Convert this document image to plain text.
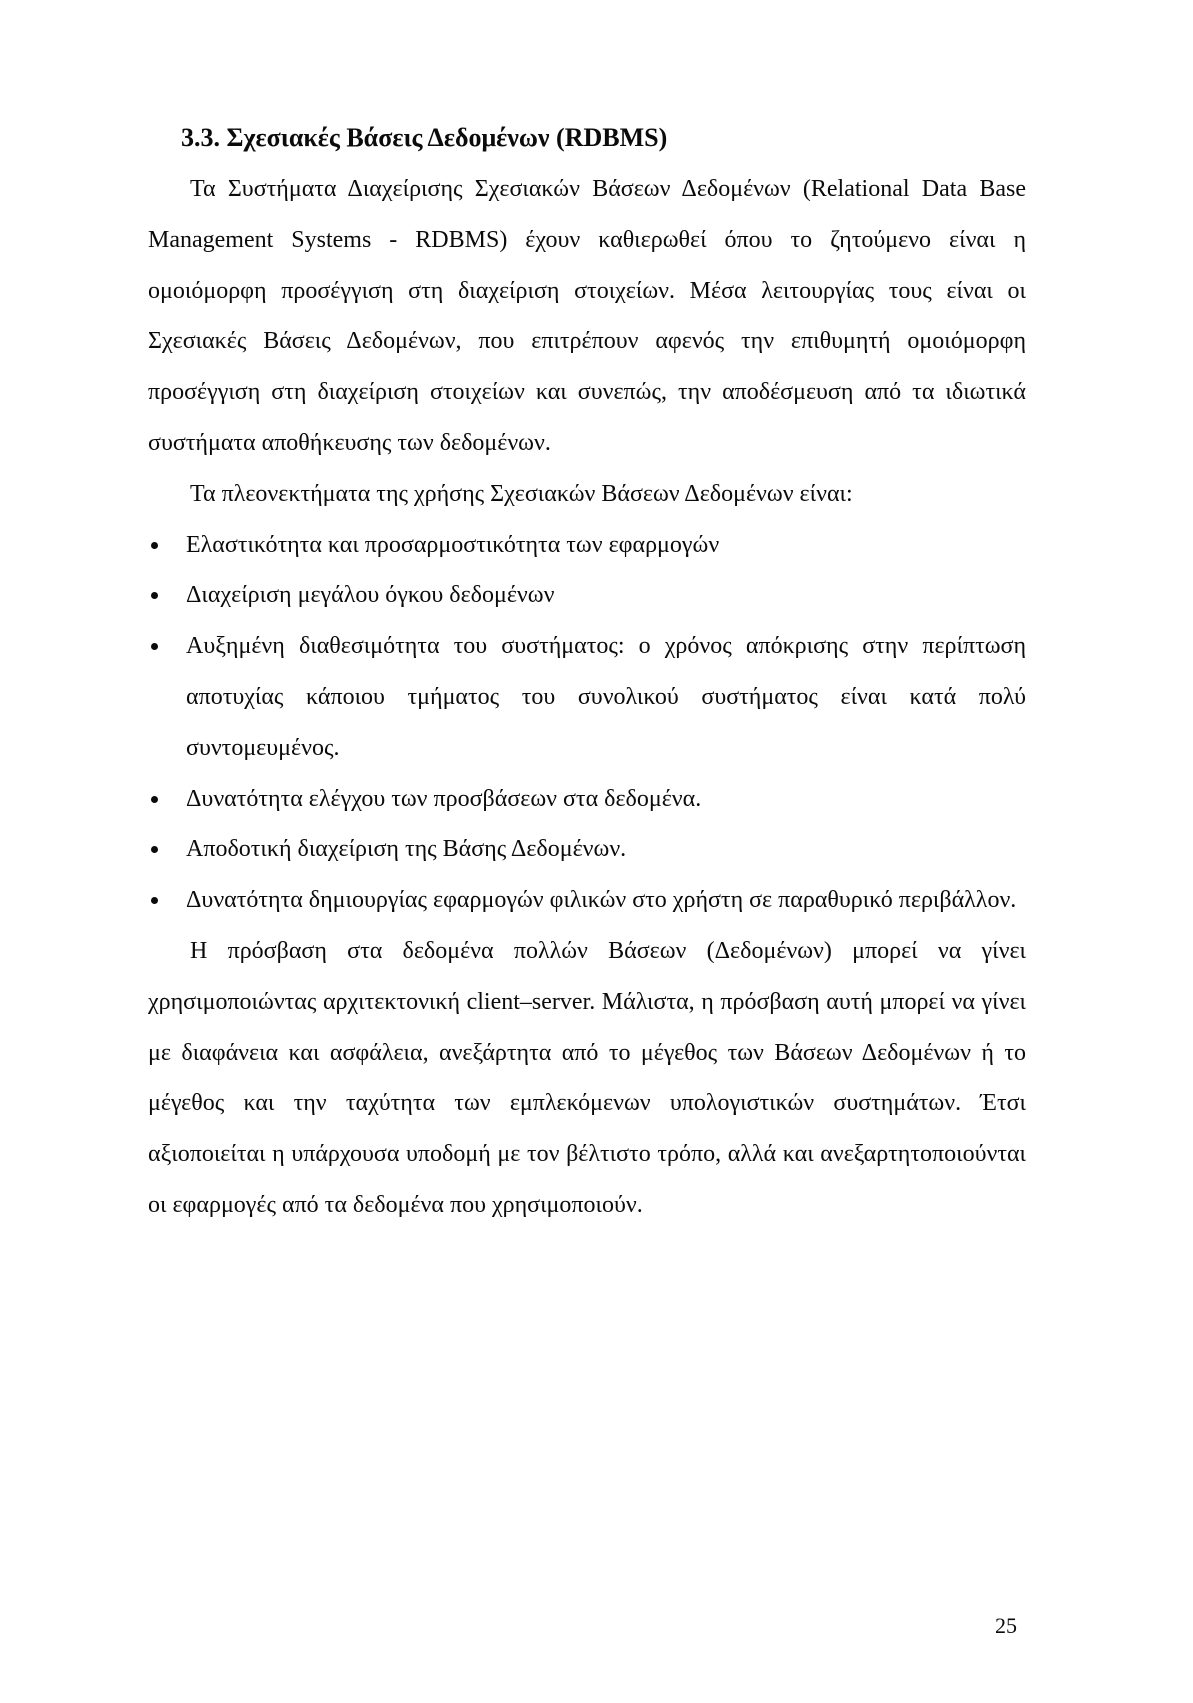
3.3. Σχεσιακές Βάσεις Δεδομένων (RDBMS)

Τα Συστήματα Διαχείρισης Σχεσιακών Βάσεων Δεδομένων (Relational Data Base Management Systems - RDBMS) έχουν καθιερωθεί όπου το ζητούμενο είναι η ομοιόμορφη προσέγγιση στη διαχείριση στοιχείων. Μέσα λειτουργίας τους είναι οι Σχεσιακές Βάσεις Δεδομένων, που επιτρέπουν αφενός την επιθυμητή ομοιόμορφη προσέγγιση στη διαχείριση στοιχείων και συνεπώς, την αποδέσμευση από τα ιδιωτικά συστήματα αποθήκευσης των δεδομένων.

Τα πλεονεκτήματα της χρήσης Σχεσιακών Βάσεων Δεδομένων είναι:

Ελαστικότητα και προσαρμοστικότητα των εφαρμογών
Διαχείριση μεγάλου όγκου δεδομένων
Αυξημένη διαθεσιμότητα του συστήματος: ο χρόνος απόκρισης στην περίπτωση αποτυχίας κάποιου τμήματος του συνολικού συστήματος είναι κατά πολύ συντομευμένος.
Δυνατότητα ελέγχου των προσβάσεων στα δεδομένα.
Αποδοτική διαχείριση της Βάσης Δεδομένων.
Δυνατότητα δημιουργίας εφαρμογών φιλικών στο χρήστη σε παραθυρικό περιβάλλον.

Η πρόσβαση στα δεδομένα πολλών Βάσεων (Δεδομένων) μπορεί να γίνει χρησιμοποιώντας αρχιτεκτονική client–server. Μάλιστα, η πρόσβαση αυτή μπορεί να γίνει με διαφάνεια και ασφάλεια, ανεξάρτητα από το μέγεθος των Βάσεων Δεδομένων ή το μέγεθος και την ταχύτητα των εμπλεκόμενων υπολογιστικών συστημάτων. Έτσι αξιοποιείται η υπάρχουσα υποδομή με τον βέλτιστο τρόπο, αλλά και ανεξαρτητοποιούνται οι εφαρμογές από τα δεδομένα που χρησιμοποιούν.

25
